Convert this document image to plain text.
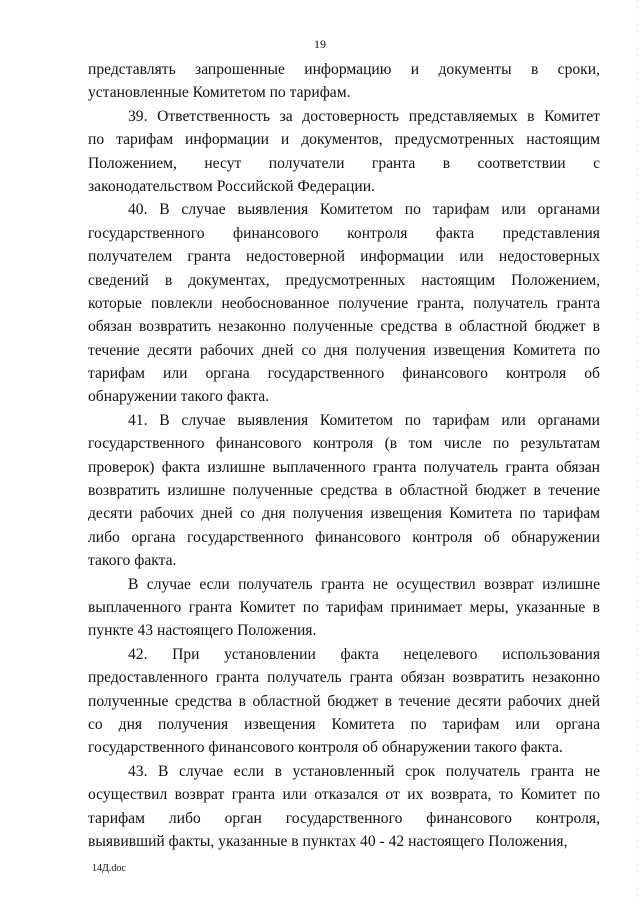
19
представлять запрошенные информацию и документы в сроки,
установленные Комитетом по тарифам.
39. Ответственность за достоверность представляемых в Комитет
по тарифам информации и документов, предусмотренных настоящим
Положением, несут получатели гранта в соответствии с
законодательством Российской Федерации.
40. В случае выявления Комитетом по тарифам или органами
государственного финансового контроля факта представления
получателем гранта недостоверной информации или недостоверных
сведений в документах, предусмотренных настоящим Положением,
которые повлекли необоснованное получение гранта, получатель гранта
обязан возвратить незаконно полученные средства в областной бюджет в
течение десяти рабочих дней со дня получения извещения Комитета по
тарифам или органа государственного финансового контроля об
обнаружении такого факта.
41. В случае выявления Комитетом по тарифам или органами
государственного финансового контроля (в том числе по результатам
проверок) факта излишне выплаченного гранта получатель гранта обязан
возвратить излишне полученные средства в областной бюджет в течение
десяти рабочих дней со дня получения извещения Комитета по тарифам
либо органа государственного финансового контроля об обнаружении
такого факта.
В случае если получатель гранта не осуществил возврат излишне
выплаченного гранта Комитет по тарифам принимает меры, указанные в
пункте 43 настоящего Положения.
42. При установлении факта нецелевого использования
предоставленного гранта получатель гранта обязан возвратить незаконно
полученные средства в областной бюджет в течение десяти рабочих дней
со дня получения извещения Комитета по тарифам или органа
государственного финансового контроля об обнаружении такого факта.
43. В случае если в установленный срок получатель гранта не
осуществил возврат гранта или отказался от их возврата, то Комитет по
тарифам либо орган государственного финансового контроля,
выявивший факты, указанные в пунктах 40 - 42 настоящего Положения,
14Д.doc
